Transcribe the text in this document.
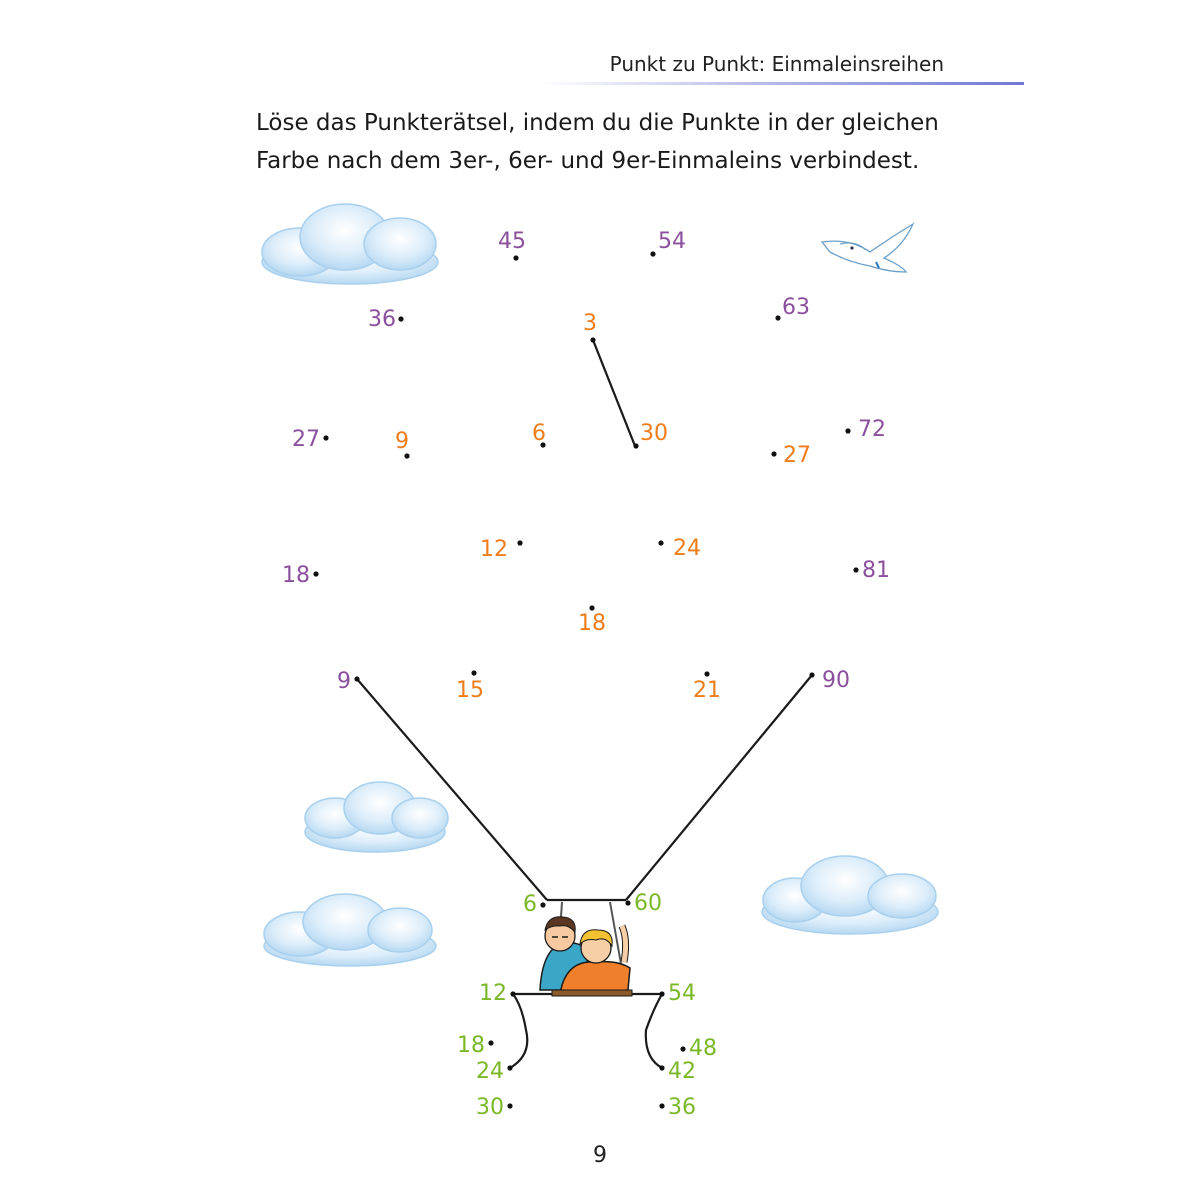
Punkt zu Punkt: Einmaleinsreihen
Löse das Punkterätsel, indem du die Punkte in der gleichen
Farbe nach dem 3er-, 6er- und 9er-Einmaleins verbindest.
45	54
36	63
27	72
18	81
9	90
3
9	6	30
27
12	24
18
15	21
6	60
12	54
18	48
24	42
30	36
9
